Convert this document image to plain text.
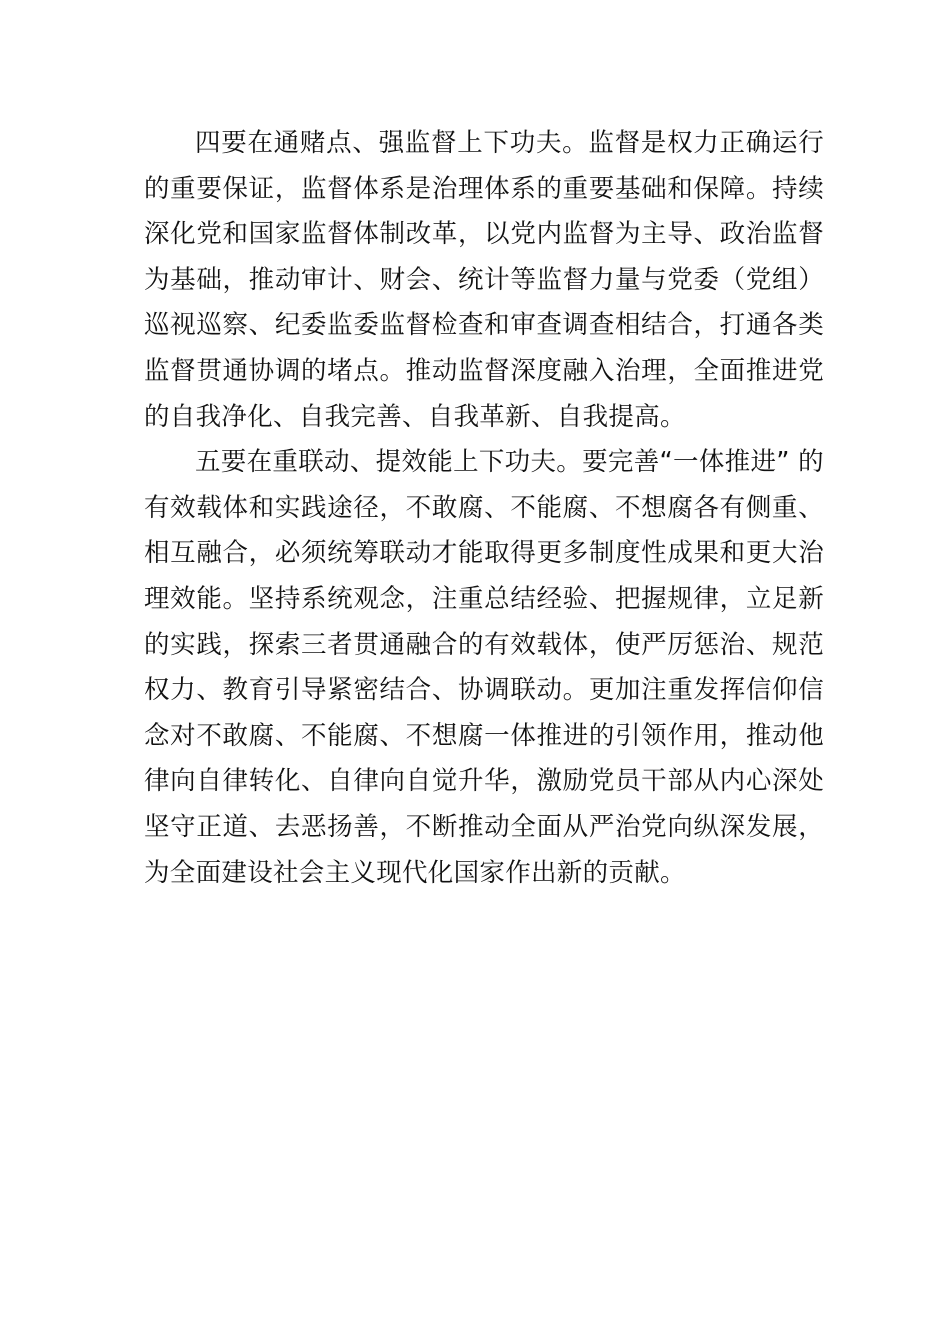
四要在通赌点、强监督上下功夫。监督是权力正确运行的重要保证，监督体系是治理体系的重要基础和保障。持续深化党和国家监督体制改革，以党内监督为主导、政治监督为基础，推动审计、财会、统计等监督力量与党委（党组）巡视巡察、纪委监委监督检查和审查调查相结合，打通各类监督贯通协调的堵点。推动监督深度融入治理，全面推进党的自我净化、自我完善、自我革新、自我提高。

五要在重联动、提效能上下功夫。要完善“一体推进” 的有效载体和实践途径，不敢腐、不能腐、不想腐各有侧重、相互融合，必须统筹联动才能取得更多制度性成果和更大治理效能。坚持系统观念，注重总结经验、把握规律，立足新的实践，探索三者贯通融合的有效载体，使严厉惩治、规范权力、教育引导紧密结合、协调联动。更加注重发挥信仰信念对不敢腐、不能腐、不想腐一体推进的引领作用，推动他律向自律转化、自律向自觉升华，激励党员干部从内心深处坚守正道、去恶扬善，不断推动全面从严治党向纵深发展， 为全面建设社会主义现代化国家作出新的贡献。
